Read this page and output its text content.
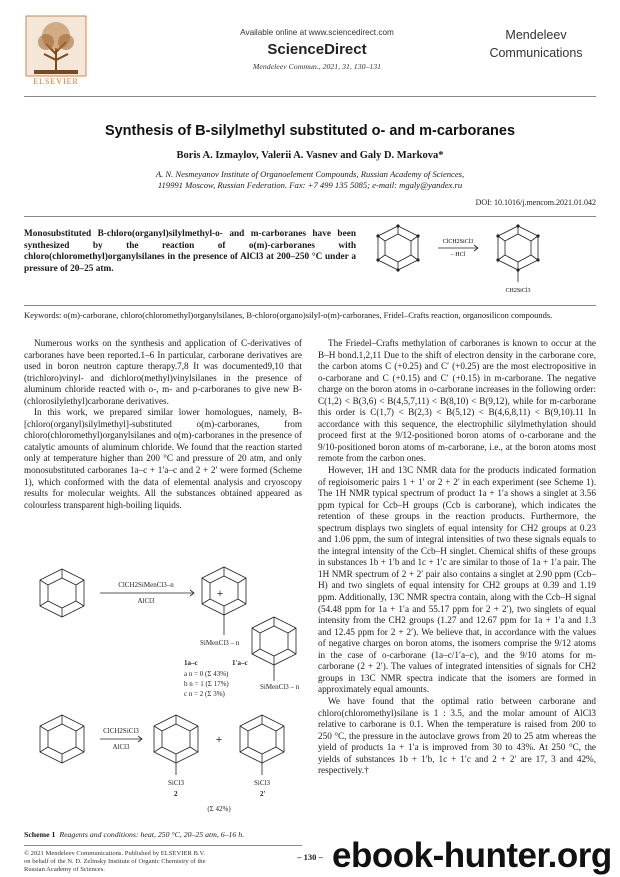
ELSEVIER
Available online at www.sciencedirect.com
ScienceDirect
Mendeleev Commun., 2021, 31, 130–131
Mendeleev
Communications
Synthesis of B-silylmethyl substituted o- and m-carboranes
Boris A. Izmaylov, Valerii A. Vasnev and Galy D. Markova*
A. N. Nesmeyanov Institute of Organoelement Compounds, Russian Academy of Sciences,
119991 Moscow, Russian Federation. Fax: +7 499 135 5085; e-mail: mgaly@yandex.ru
DOI: 10.1016/j.mencom.2021.01.042
Monosubstituted B-chloro(organyl)silylmethyl-o- and m-carboranes have been synthesized by the reaction of o(m)-carboranes with chloro(chloromethyl)organylsilanes in the presence of AlCl3 at 200–250 °C under a pressure of 20–25 atm.
ClCH2SiCl3
– HCl
CH2SiCl3
Keywords: o(m)-carborane, chloro(chloromethyl)organylsilanes, B-chloro(organo)silyl-o(m)-carboranes, Fridel–Crafts reaction, organosilicon compounds.

Numerous works on the synthesis and application of C-derivatives of carboranes have been reported.1–6 In particular, carborane derivatives are used in boron neutron capture therapy.7,8 It was documented9,10 that (trichloro)vinyl- and dichloro(methyl)vinylsilanes in the presence of aluminum chloride reacted with o-, m- and p-carboranes to give new B-(chlorosilylethyl)carborane derivatives.

In this work, we prepared similar lower homologues, namely, B-[chloro(organyl)silylmethyl]-substituted o(m)-carboranes, from chloro(chloromethyl)organylsilanes and o(m)-carboranes in the presence of catalytic amounts of aluminum chloride. We found that the reaction started only at temperature higher than 200 °C and pressure of 20 atm, and only monosubstituted carboranes 1a–c + 1′a–c and 2 + 2′ were formed (Scheme 1), which conformed with the data of elemental analysis and cryoscopy results for molecular weights. All the substances obtained appeared as colourless transparent high-boiling liquids.

+
+
ClCH2SiMenCl3–n
AlCl3
SiMenCl3 – n
SiMenCl3 – n
1a–c	1′a–c
a n = 0 (Σ 43%)
b n = 1 (Σ 17%)
c n = 2 (Σ 3%)
ClCH2SiCl3
AlCl3
SiCl3	SiCl3
2	2′
(Σ 42%)
Scheme 1 Reagents and conditions: heat, 250 °C, 20–25 atm, 6–16 h.

The Friedel–Crafts methylation of carboranes is known to occur at the B–H bond.1,2,11 Due to the shift of electron density in the carborane core, the carbon atoms C (+0.25) and C′ (+0.25) are the most electropositive in o-carborane and C (+0.15) and C′ (+0.15) in m-carborane. The negative charge on the boron atoms in o-carborane increases in the following order: C(1,2) < B(3,6) < B(4,5,7,11) < B(8,10) < B(9,12), while for m-carborane this order is C(1,7) < B(2,3) < B(5,12) < B(4,6,8,11) < B(9,10).11 In accordance with this sequence, the electrophilic silylmethylation should proceed first at the 9/12-positioned boron atoms of o-carborane and the 9/10-positioned boron atoms of m-carborane, i.e., at the boron atoms most remote from the carbon ones.

However, 1H and 13C NMR data for the products indicated formation of regioisomeric pairs 1 + 1′ or 2 + 2′ in each experiment (see Scheme 1). The 1H NMR typical spectrum of product 1a + 1′a shows a singlet at 3.56 ppm typical for Ccb–H groups (Ccb is carborane), which indicates the retention of these groups in the reaction products. Furthermore, the spectrum displays two singlets of equal intensity for CH2 groups at 0.23 and 1.06 ppm, the sum of integral intensities of two these signals equals to the integral intensity of the Ccb–H singlet. Chemical shifts of these groups in substances 1b + 1′b and 1c + 1′c are similar to those of 1a + 1′a pair. The 1H NMR spectrum of 2 + 2′ pair also contains a singlet at 2.90 ppm (Ccb–H) and two singlets of equal intensity for CH2 groups at 0.39 and 1.19 ppm. Additionally, 13C NMR spectra contain, along with the Ccb–H signal (54.48 ppm for 1a + 1′a and 55.17 ppm for 2 + 2′), two singlets of equal intensity from the CH2 groups (1.27 and 12.67 ppm for 1a + 1′a and 1.3 and 12.45 ppm for 2 + 2′). We believe that, in accordance with the values of negative charges on boron atoms, the isomers comprise the 9/12 atoms in the case of o-carborane (1a–c/1′a–c), and the 9/10 atoms for m-carborane (2 + 2′). The values of integrated intensities of signals for CH2 groups in 13C NMR spectra indicate that the isomers are formed in approximately equal amounts.

We have found that the optimal ratio between carborane and chloro(chloromethyl)silane is 1 : 3.5, and the molar amount of AlCl3 relative to carborane is 0.1. When the temperature is raised from 200 to 250 °C, the pressure in the autoclave grows from 20 to 25 atm whereas the yield of products 1a + 1′a is improved from 30 to 43%. At 250 °C, the yields of substances 1b + 1′b, 1c + 1′c and 2 + 2′ are 17, 3 and 42%, respectively.†

© 2021 Mendeleev Communications. Published by ELSEVIER B.V.
on behalf of the N. D. Zelinsky Institute of Organic Chemistry of the
Russian Academy of Sciences.
– 130 – ebook-hunter.org
